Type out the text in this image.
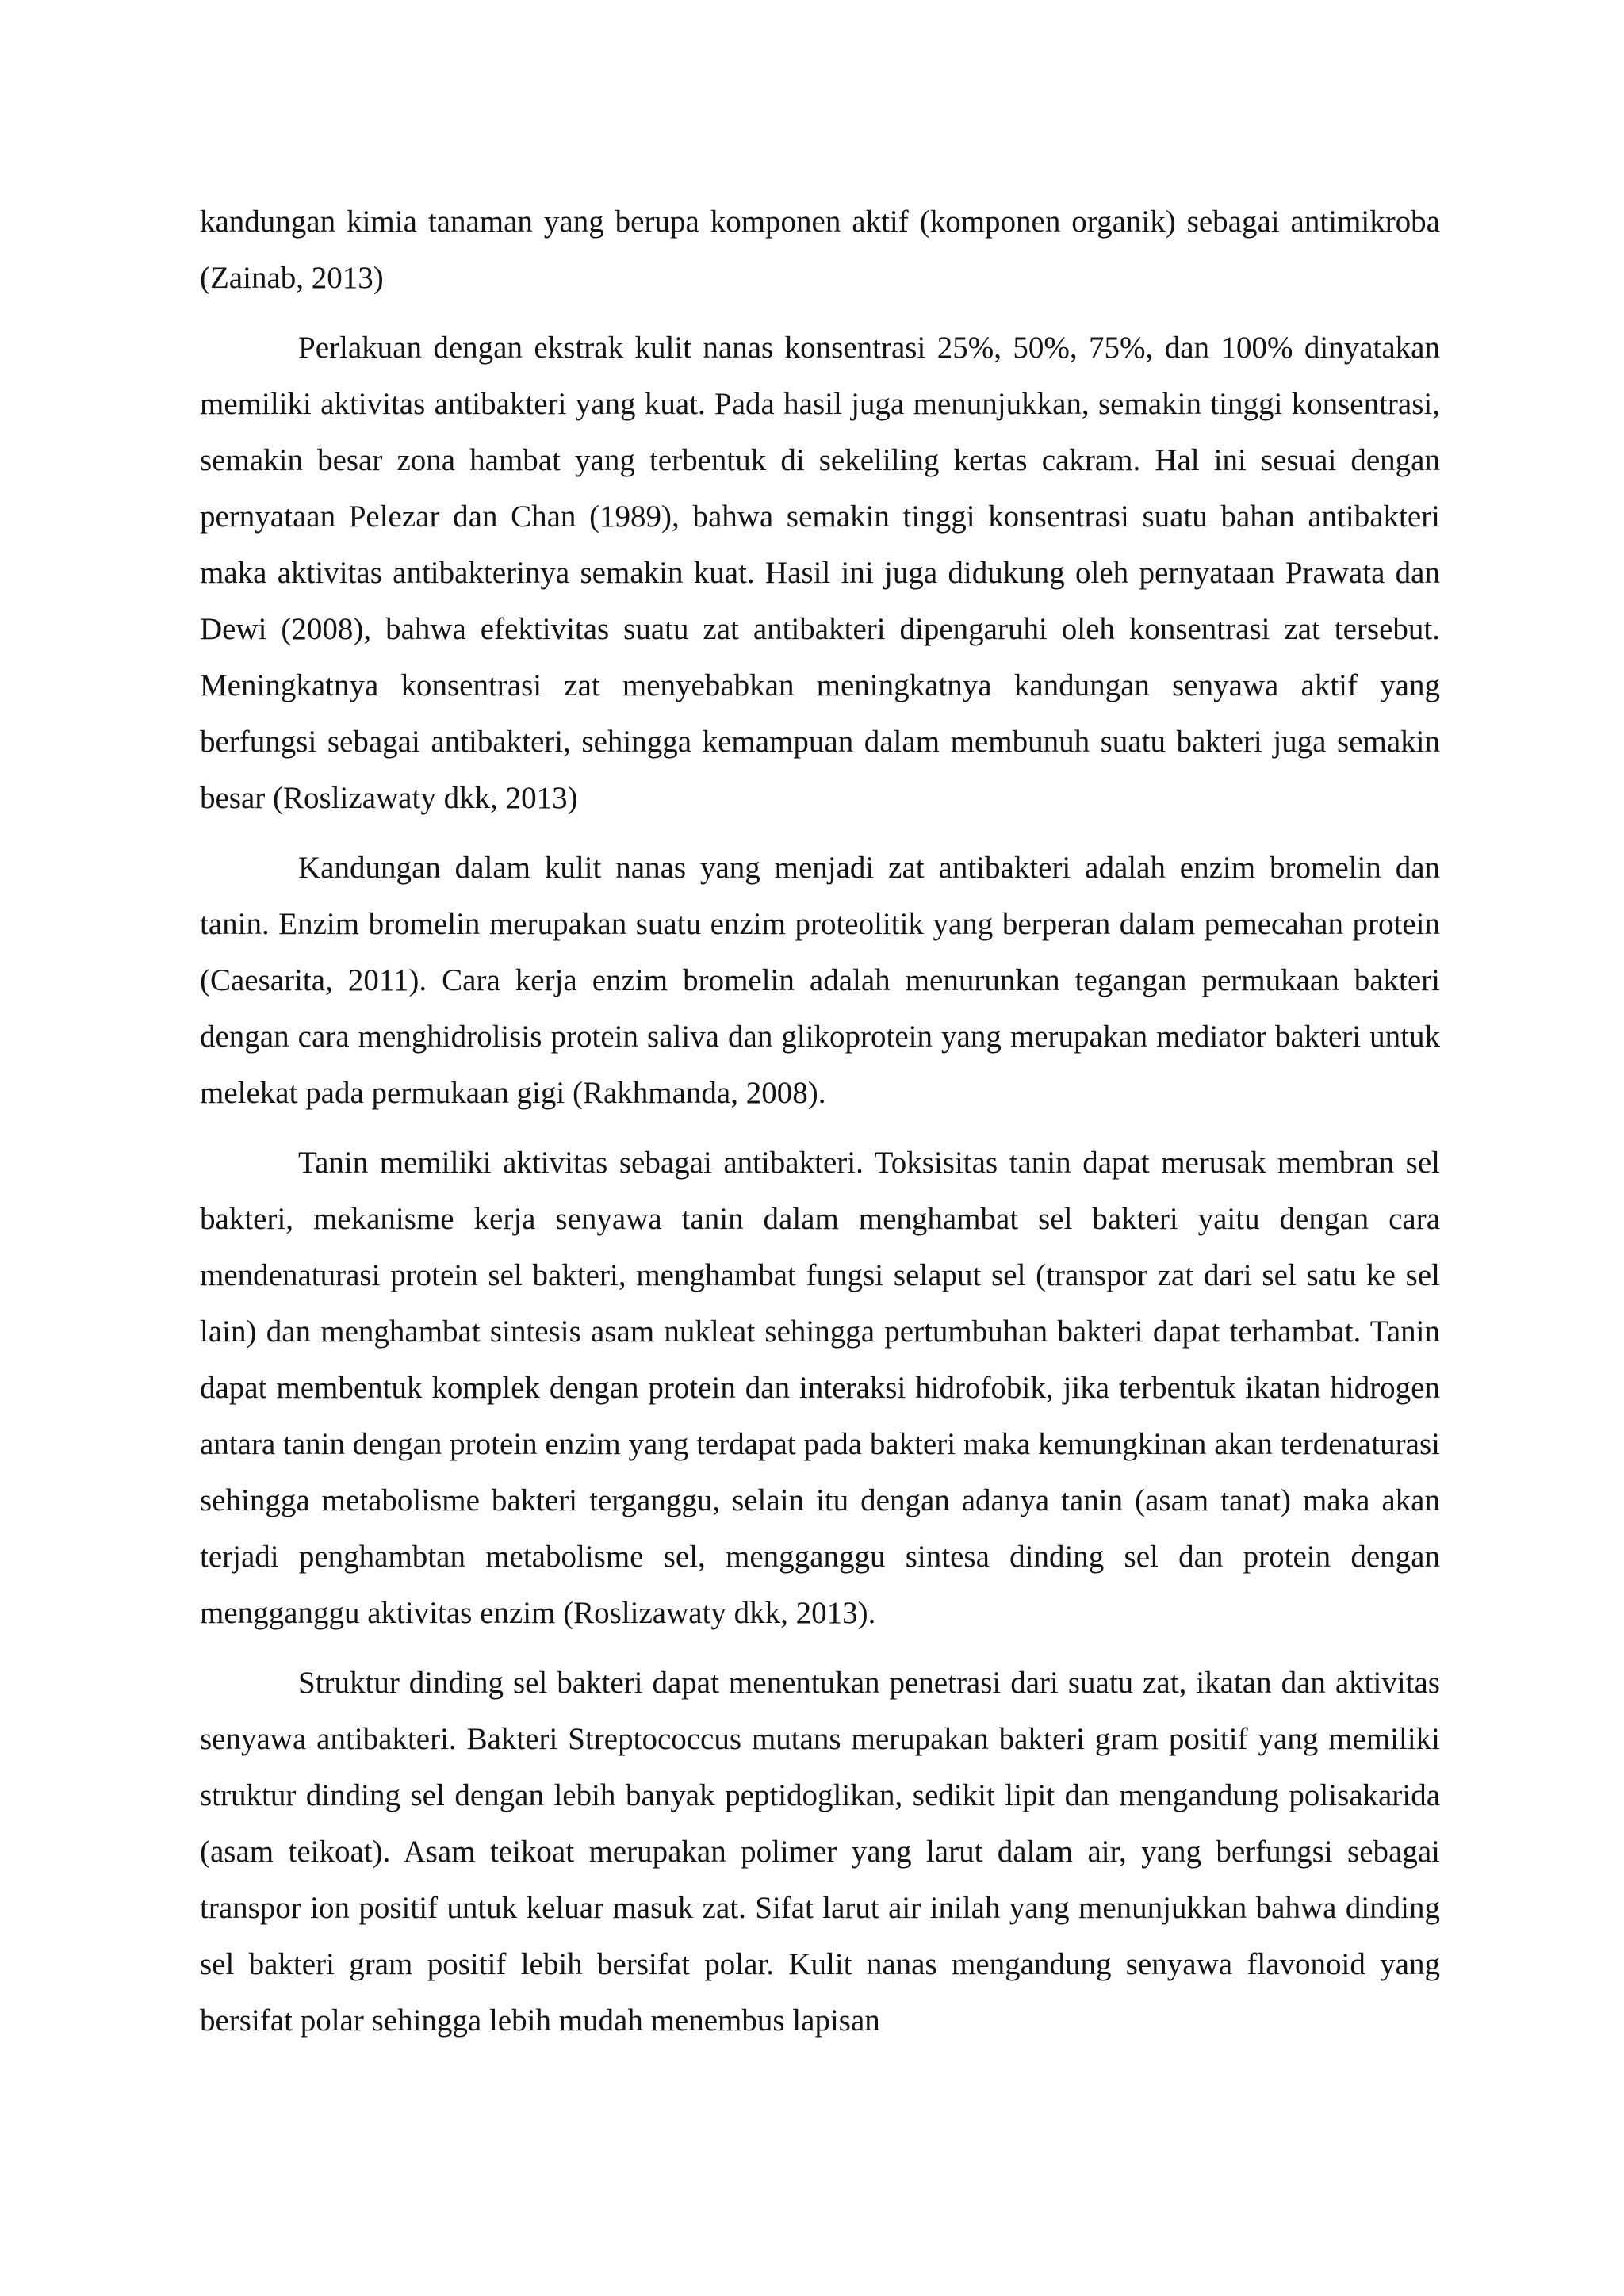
kandungan kimia tanaman yang berupa komponen aktif (komponen organik) sebagai antimikroba (Zainab, 2013)

Perlakuan dengan ekstrak kulit nanas konsentrasi 25%, 50%, 75%, dan 100% dinyatakan memiliki aktivitas antibakteri yang kuat. Pada hasil juga menunjukkan, semakin tinggi konsentrasi, semakin besar zona hambat yang terbentuk di sekeliling kertas cakram. Hal ini sesuai dengan pernyataan Pelezar dan Chan (1989), bahwa semakin tinggi konsentrasi suatu bahan antibakteri maka aktivitas antibakterinya semakin kuat. Hasil ini juga didukung oleh pernyataan Prawata dan Dewi (2008), bahwa efektivitas suatu zat antibakteri dipengaruhi oleh konsentrasi zat tersebut. Meningkatnya konsentrasi zat menyebabkan meningkatnya kandungan senyawa aktif yang berfungsi sebagai antibakteri, sehingga kemampuan dalam membunuh suatu bakteri juga semakin besar (Roslizawaty dkk, 2013)

Kandungan dalam kulit nanas yang menjadi zat antibakteri adalah enzim bromelin dan tanin. Enzim bromelin merupakan suatu enzim proteolitik yang berperan dalam pemecahan protein (Caesarita, 2011). Cara kerja enzim bromelin adalah menurunkan tegangan permukaan bakteri dengan cara menghidrolisis protein saliva dan glikoprotein yang merupakan mediator bakteri untuk melekat pada permukaan gigi (Rakhmanda, 2008).

Tanin memiliki aktivitas sebagai antibakteri. Toksisitas tanin dapat merusak membran sel bakteri, mekanisme kerja senyawa tanin dalam menghambat sel bakteri yaitu dengan cara mendenaturasi protein sel bakteri, menghambat fungsi selaput sel (transpor zat dari sel satu ke sel lain) dan menghambat sintesis asam nukleat sehingga pertumbuhan bakteri dapat terhambat. Tanin dapat membentuk komplek dengan protein dan interaksi hidrofobik, jika terbentuk ikatan hidrogen antara tanin dengan protein enzim yang terdapat pada bakteri maka kemungkinan akan terdenaturasi sehingga metabolisme bakteri terganggu, selain itu dengan adanya tanin (asam tanat) maka akan terjadi penghambtan metabolisme sel, mengganggu sintesa dinding sel dan protein dengan mengganggu aktivitas enzim (Roslizawaty dkk, 2013).

Struktur dinding sel bakteri dapat menentukan penetrasi dari suatu zat, ikatan dan aktivitas senyawa antibakteri. Bakteri Streptococcus mutans merupakan bakteri gram positif yang memiliki struktur dinding sel dengan lebih banyak peptidoglikan, sedikit lipit dan mengandung polisakarida (asam teikoat). Asam teikoat merupakan polimer yang larut dalam air, yang berfungsi sebagai transpor ion positif untuk keluar masuk zat. Sifat larut air inilah yang menunjukkan bahwa dinding sel bakteri gram positif lebih bersifat polar. Kulit nanas mengandung senyawa flavonoid yang bersifat polar sehingga lebih mudah menembus lapisan
